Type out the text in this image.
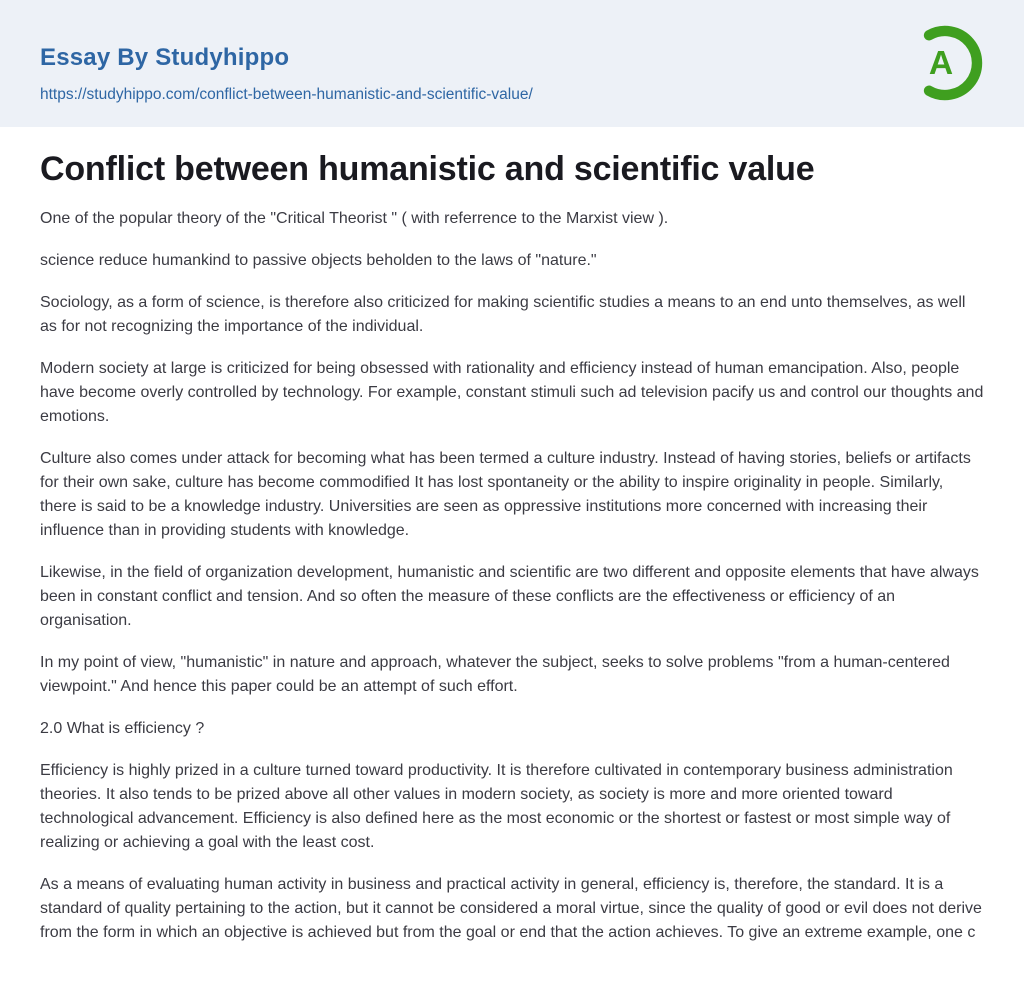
Essay By Studyhippo
https://studyhippo.com/conflict-between-humanistic-and-scientific-value/
A
Conflict between humanistic and scientific value

One of the popular theory of the "Critical Theorist " ( with referrence to the Marxist view ).

science reduce humankind to passive objects beholden to the laws of "nature."

Sociology, as a form of science, is therefore also criticized for making scientific studies a means to an end unto themselves, as well as for not recognizing the importance of the individual.

Modern society at large is criticized for being obsessed with rationality and efficiency instead of human emancipation. Also, people have become overly controlled by technology. For example, constant stimuli such ad television pacify us and control our thoughts and emotions.

Culture also comes under attack for becoming what has been termed a culture industry. Instead of having stories, beliefs or artifacts for their own sake, culture has become commodified It has lost spontaneity or the ability to inspire originality in people. Similarly, there is said to be a knowledge industry. Universities are seen as oppressive institutions more concerned with increasing their influence than in providing students with knowledge.

Likewise, in the field of organization development, humanistic and scientific are two different and opposite elements that have always been in constant conflict and tension. And so often the measure of these conflicts are the effectiveness or efficiency of an organisation.

In my point of view, "humanistic" in nature and approach, whatever the subject, seeks to solve problems "from a human-centered viewpoint." And hence this paper could be an attempt of such effort.

2.0 What is efficiency ?

Efficiency is highly prized in a culture turned toward productivity. It is therefore cultivated in contemporary business administration theories. It also tends to be prized above all other values in modern society, as society is more and more oriented toward technological advancement. Efficiency is also defined here as the most economic or the shortest or fastest or most simple way of realizing or achieving a goal with the least cost.

As a means of evaluating human activity in business and practical activity in general, efficiency is, therefore, the standard. It is a standard of quality pertaining to the action, but it cannot be considered a moral virtue, since the quality of good or evil does not derive from the form in which an objective is achieved but from the goal or end that the action achieves. To give an extreme example, one c
